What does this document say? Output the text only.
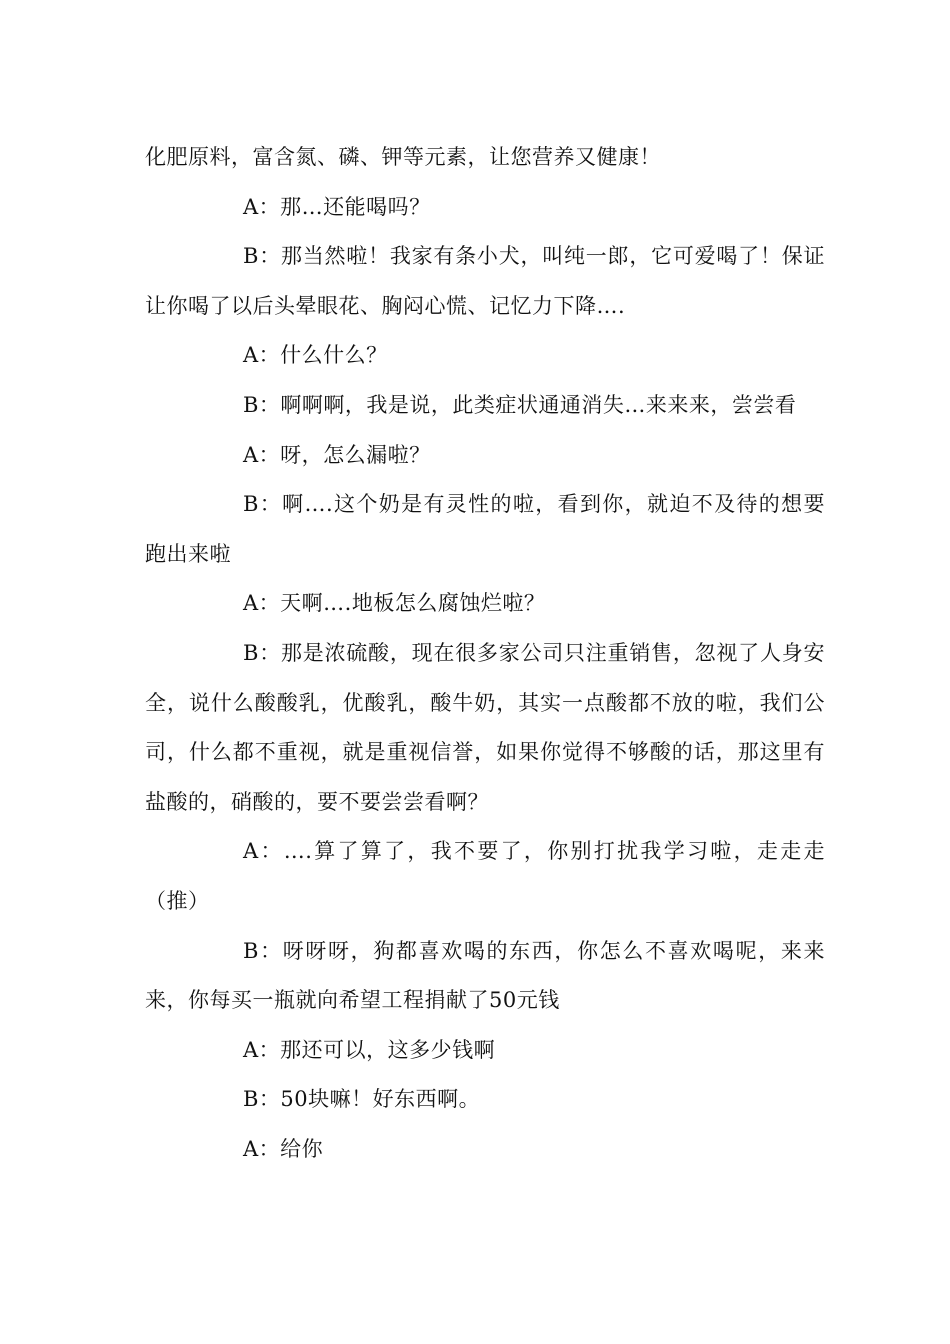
化肥原料，富含氮、磷、钾等元素，让您营养又健康！

A：那…还能喝吗？

B：那当然啦！我家有条小犬，叫纯一郎，它可爱喝了！保证让你喝了以后头晕眼花、胸闷心慌、记忆力下降….

A：什么什么？

B：啊啊啊，我是说，此类症状通通消失…来来来，尝尝看

A：呀，怎么漏啦？

B：啊….这个奶是有灵性的啦，看到你，就迫不及待的想要跑出来啦

A：天啊….地板怎么腐蚀烂啦？

B：那是浓硫酸，现在很多家公司只注重销售，忽视了人身安全，说什么酸酸乳，优酸乳，酸牛奶，其实一点酸都不放的啦，我们公司，什么都不重视，就是重视信誉，如果你觉得不够酸的话，那这里有盐酸的，硝酸的，要不要尝尝看啊？

A：….算了算了，我不要了，你别打扰我学习啦，走走走（推）

B：呀呀呀，狗都喜欢喝的东西，你怎么不喜欢喝呢，来来来，你每买一瓶就向希望工程捐献了50元钱

A：那还可以，这多少钱啊

B：50块嘛！好东西啊。

A：给你
